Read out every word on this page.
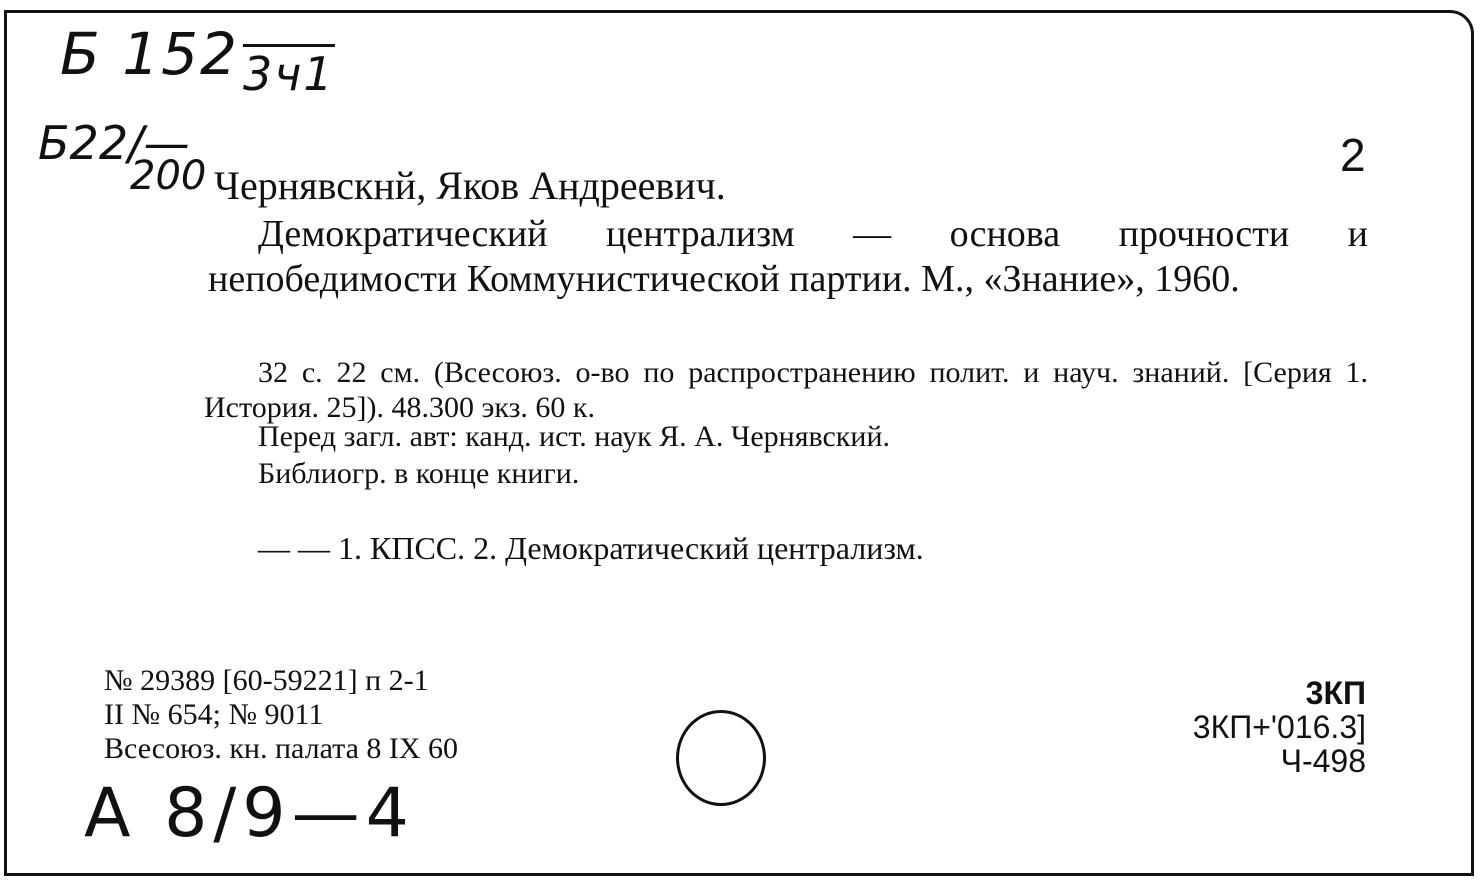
Б $152_{3ч1}$
Б22/—
200
А 8/9—4
2
Чернявскнй, Яков Андреевич.
Демократический централизм — основа прочности и непобедимости Коммунистической партии. М., «Знание», 1960.
32 с. 22 см. (Всесоюз. о-во по распространению полит. и науч. знаний. [Серия 1. История. 25]). 48.300 экз. 60 к.
Перед загл. авт: канд. ист. наук Я. А. Чернявский.
Библиогр. в конце книги.
— — 1. КПСС. 2. Демократический централизм.
№ 29389 [60-59221] п 2-1
II № 654; № 9011
Всесоюз. кн. палата 8 IX 60
3КП
3КП+'016.3]
Ч-498
